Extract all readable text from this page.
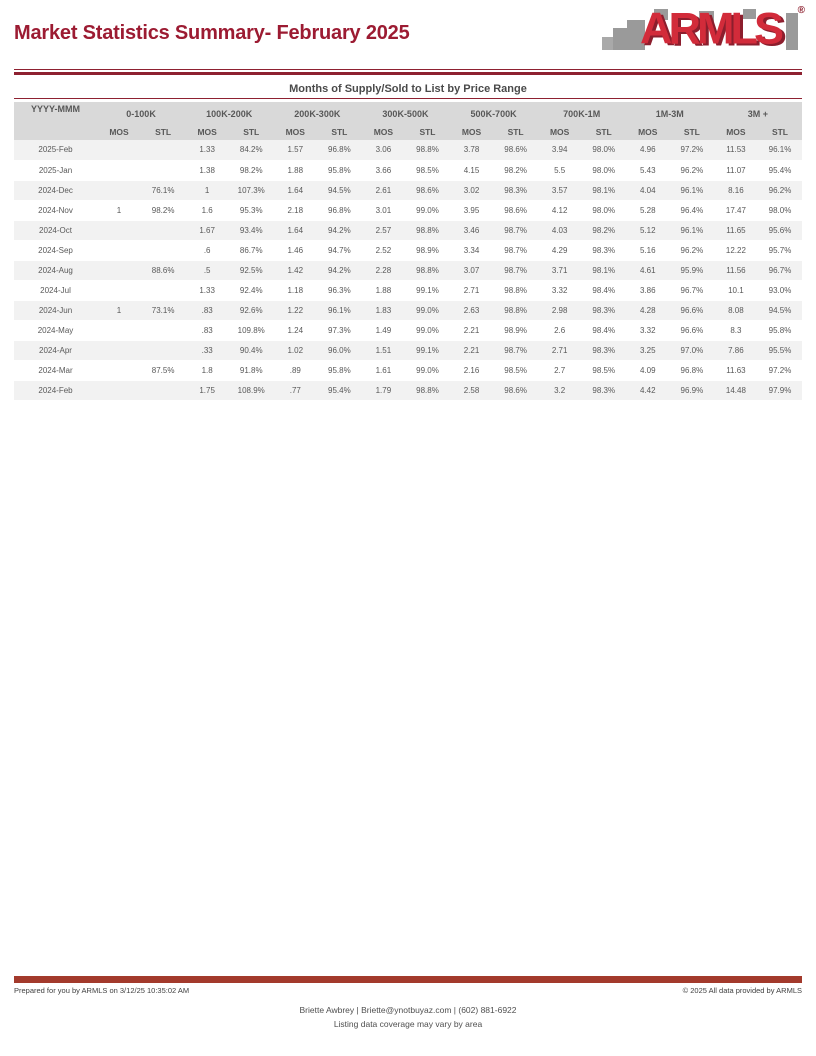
Market Statistics Summary- February 2025	ARMLS ®
Months of Supply/Sold to List by Price Range
YYYY-MMM	0-100K		100K-200K		200K-300K		300K-500K		500K-700K		700K-1M		1M-3M		3M +	
	MOS	STL	MOS	STL	MOS	STL	MOS	STL	MOS	STL	MOS	STL	MOS	STL	MOS	STL
2025-Feb			1.33	84.2%	1.57	96.8%	3.06	98.8%	3.78	98.6%	3.94	98.0%	4.96	97.2%	11.53	96.1%
2025-Jan			1.38	98.2%	1.88	95.8%	3.66	98.5%	4.15	98.2%	5.5	98.0%	5.43	96.2%	11.07	95.4%
2024-Dec		76.1%	1	107.3%	1.64	94.5%	2.61	98.6%	3.02	98.3%	3.57	98.1%	4.04	96.1%	8.16	96.2%
2024-Nov	1	98.2%	1.6	95.3%	2.18	96.8%	3.01	99.0%	3.95	98.6%	4.12	98.0%	5.28	96.4%	17.47	98.0%
2024-Oct			1.67	93.4%	1.64	94.2%	2.57	98.8%	3.46	98.7%	4.03	98.2%	5.12	96.1%	11.65	95.6%
2024-Sep			.6	86.7%	1.46	94.7%	2.52	98.9%	3.34	98.7%	4.29	98.3%	5.16	96.2%	12.22	95.7%
2024-Aug		88.6%	.5	92.5%	1.42	94.2%	2.28	98.8%	3.07	98.7%	3.71	98.1%	4.61	95.9%	11.56	96.7%
2024-Jul			1.33	92.4%	1.18	96.3%	1.88	99.1%	2.71	98.8%	3.32	98.4%	3.86	96.7%	10.1	93.0%
2024-Jun	1	73.1%	.83	92.6%	1.22	96.1%	1.83	99.0%	2.63	98.8%	2.98	98.3%	4.28	96.6%	8.08	94.5%
2024-May			.83	109.8%	1.24	97.3%	1.49	99.0%	2.21	98.9%	2.6	98.4%	3.32	96.6%	8.3	95.8%
2024-Apr			.33	90.4%	1.02	96.0%	1.51	99.1%	2.21	98.7%	2.71	98.3%	3.25	97.0%	7.86	95.5%
2024-Mar		87.5%	1.8	91.8%	.89	95.8%	1.61	99.0%	2.16	98.5%	2.7	98.5%	4.09	96.8%	11.63	97.2%
2024-Feb			1.75	108.9%	.77	95.4%	1.79	98.8%	2.58	98.6%	3.2	98.3%	4.42	96.9%	14.48	97.9%
Prepared for you by ARMLS on 3/12/25 10:35:02 AM	© 2025 All data provided by ARMLS
Briette Awbrey | Briette@ynotbuyaz.com | (602) 881-6922
Listing data coverage may vary by area
